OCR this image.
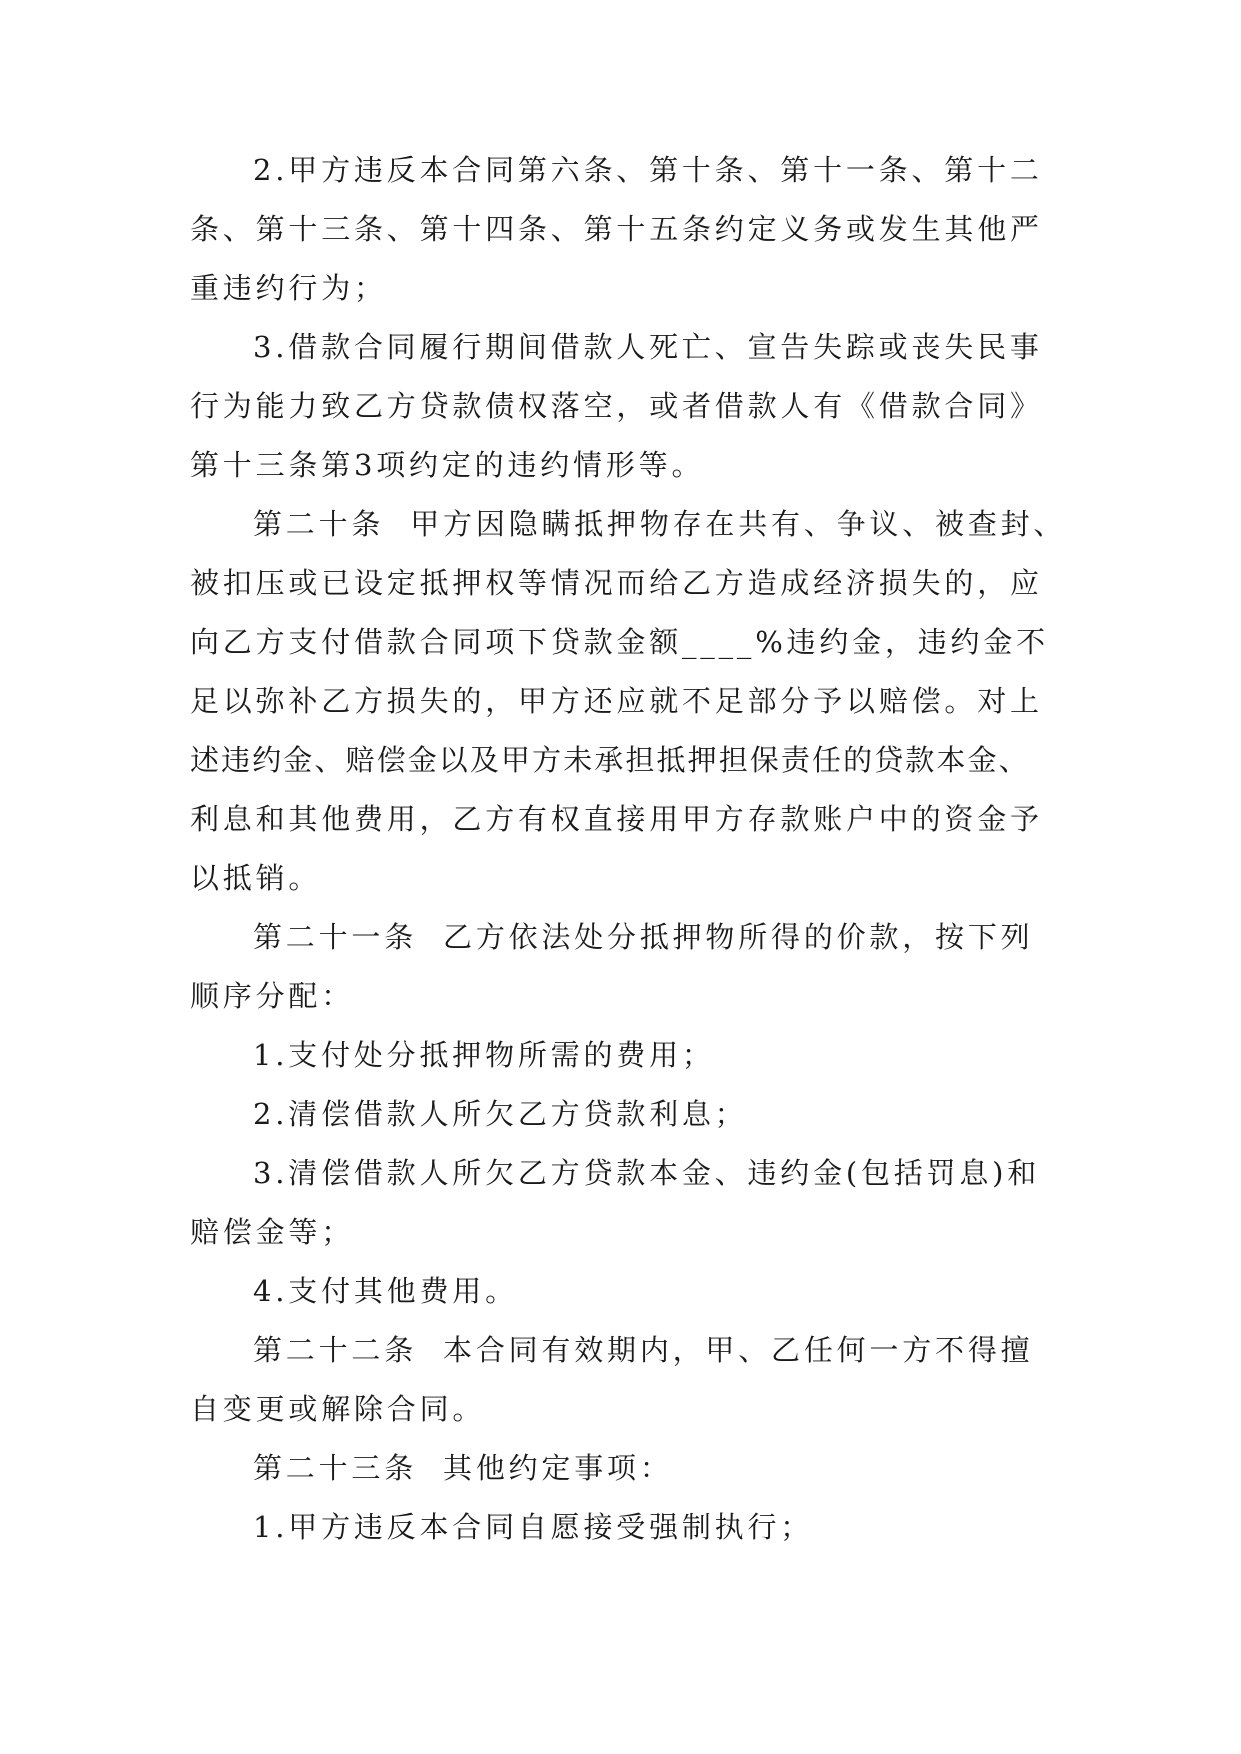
2.甲方违反本合同第六条、第十条、第十一条、第十二
条、第十三条、第十四条、第十五条约定义务或发生其他严
重违约行为；
3.借款合同履行期间借款人死亡、宣告失踪或丧失民事
行为能力致乙方贷款债权落空，或者借款人有《借款合同》
第十三条第3项约定的违约情形等。
第二十条  甲方因隐瞒抵押物存在共有、争议、被查封、
被扣压或已设定抵押权等情况而给乙方造成经济损失的，应
向乙方支付借款合同项下贷款金额____%违约金，违约金不
足以弥补乙方损失的，甲方还应就不足部分予以赔偿。对上
述违约金、赔偿金以及甲方未承担抵押担保责任的贷款本金、
利息和其他费用，乙方有权直接用甲方存款账户中的资金予
以抵销。
第二十一条  乙方依法处分抵押物所得的价款，按下列
顺序分配：
1.支付处分抵押物所需的费用；
2.清偿借款人所欠乙方贷款利息；
3.清偿借款人所欠乙方贷款本金、违约金(包括罚息)和
赔偿金等；
4.支付其他费用。
第二十二条  本合同有效期内，甲、乙任何一方不得擅
自变更或解除合同。
第二十三条  其他约定事项：
1.甲方违反本合同自愿接受强制执行；
